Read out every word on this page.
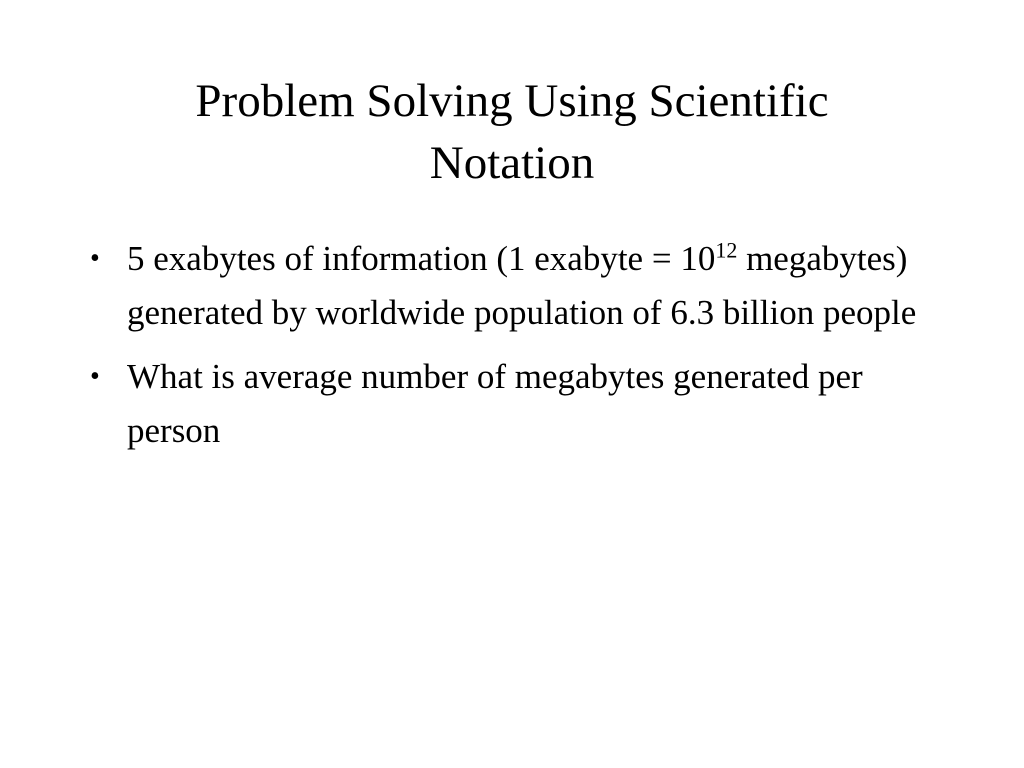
Problem Solving Using Scientific
Notation
• 5 exabytes of information (1 exabyte = $10^{12}$ megabytes) generated by worldwide population of 6.3 billion people
• What is average number of megabytes generated per person
